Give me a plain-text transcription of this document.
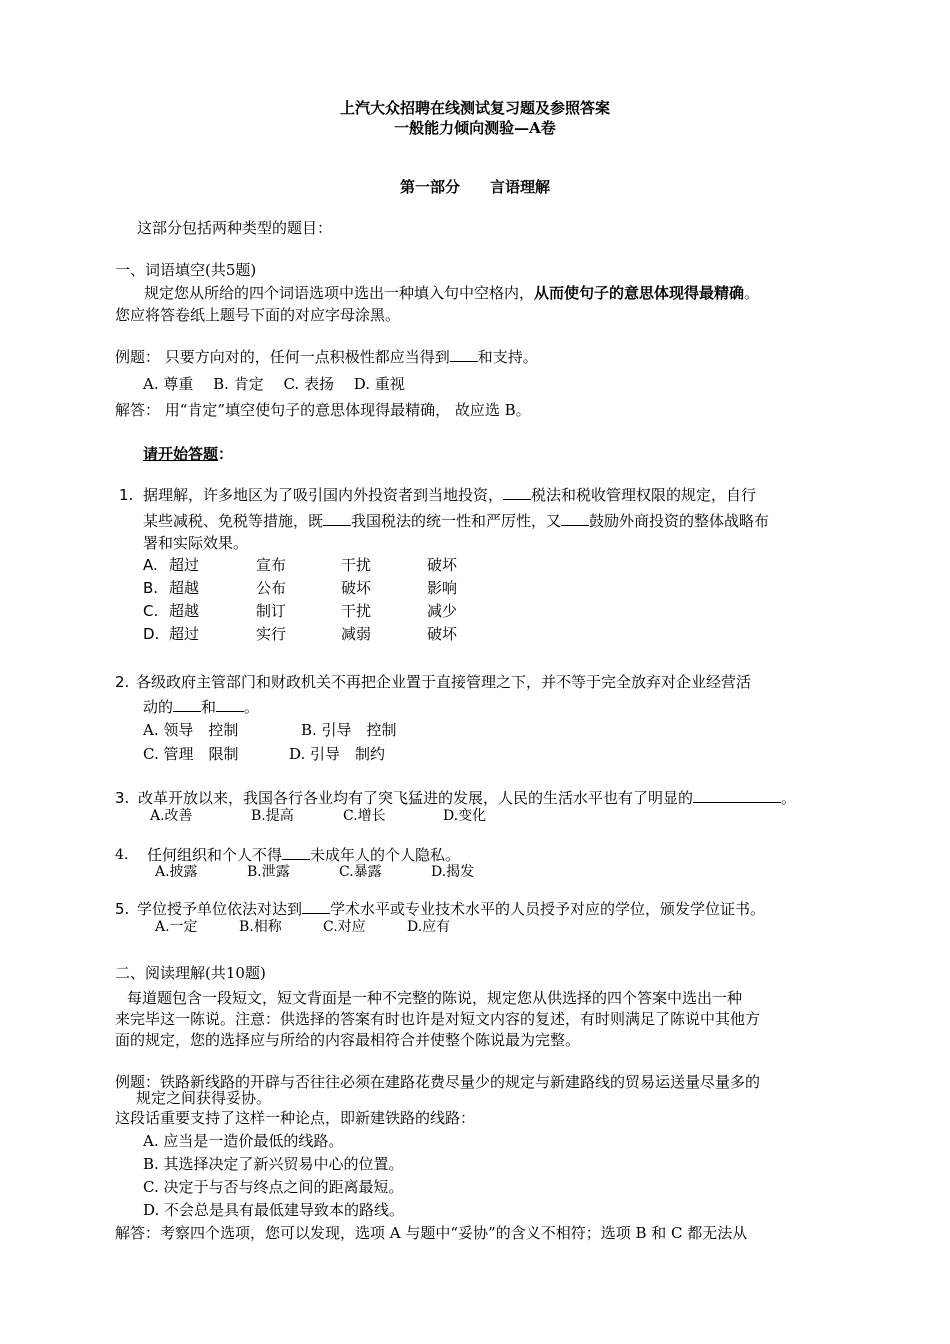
上汽大众招聘在线测试复习题及参照答案
一般能力倾向测验—A卷
第一部分　　言语理解
这部分包括两种类型的题目：
一、词语填空(共5题)
规定您从所给的四个词语选项中选出一种填入句中空格内，从而使句子的意思体现得最精确。
您应将答卷纸上题号下面的对应字母涂黑。
例题： 只要方向对的，任何一点积极性都应当得到 和支持。
A. 尊重　 B. 肯定　 C. 表扬　 D. 重视
解答： 用“肯定”填空使句子的意思体现得最精确， 故应选 B。
请开始答题：
1. 据理解，许多地区为了吸引国内外投资者到当地投资， 税法和税收管理权限的规定，自行
某些减税、免税等措施，既 我国税法的统一性和严厉性，又 鼓励外商投资的整体战略布
署和实际效果。
A. 超过	宣布	干扰	破坏
B. 超越	公布	破坏	影响
C. 超越	制订	干扰	减少
D. 超过	实行	减弱	破坏
2. 各级政府主管部门和财政机关不再把企业置于直接管理之下，并不等于完全放弃对企业经营活
动的 和 。
A. 领导　控制	B. 引导　控制
C. 管理　限制	D. 引导　制约
3. 改革开放以来，我国各行各业均有了突飞猛进的发展，人民的生活水平也有了明显的	。
A.改善	B.提高	C.增长	D.变化
4. 任何组织和个人不得 未成年人的个人隐私。
A.披露	B.泄露	C.暴露	D.揭发
5. 学位授予单位依法对达到 学术水平或专业技术水平的人员授予对应的学位，颁发学位证书。
A.一定	B.相称	C.对应	D.应有
二、阅读理解(共10题)
每道题包含一段短文，短文背面是一种不完整的陈说，规定您从供选择的四个答案中选出一种
来完毕这一陈说。注意：供选择的答案有时也许是对短文内容的复述，有时则满足了陈说中其他方
面的规定，您的选择应与所给的内容最相符合并使整个陈说最为完整。
例题：铁路新线路的开辟与否往往必须在建路花费尽量少的规定与新建路线的贸易运送量尽量多的
规定之间获得妥协。
这段话重要支持了这样一种论点，即新建铁路的线路：
A. 应当是一造价最低的线路。
B. 其选择决定了新兴贸易中心的位置。
C. 决定于与否与终点之间的距离最短。
D. 不会总是具有最低建导致本的路线。
解答：考察四个选项，您可以发现，选项 A 与题中“妥协”的含义不相符；选项 B 和 C 都无法从
